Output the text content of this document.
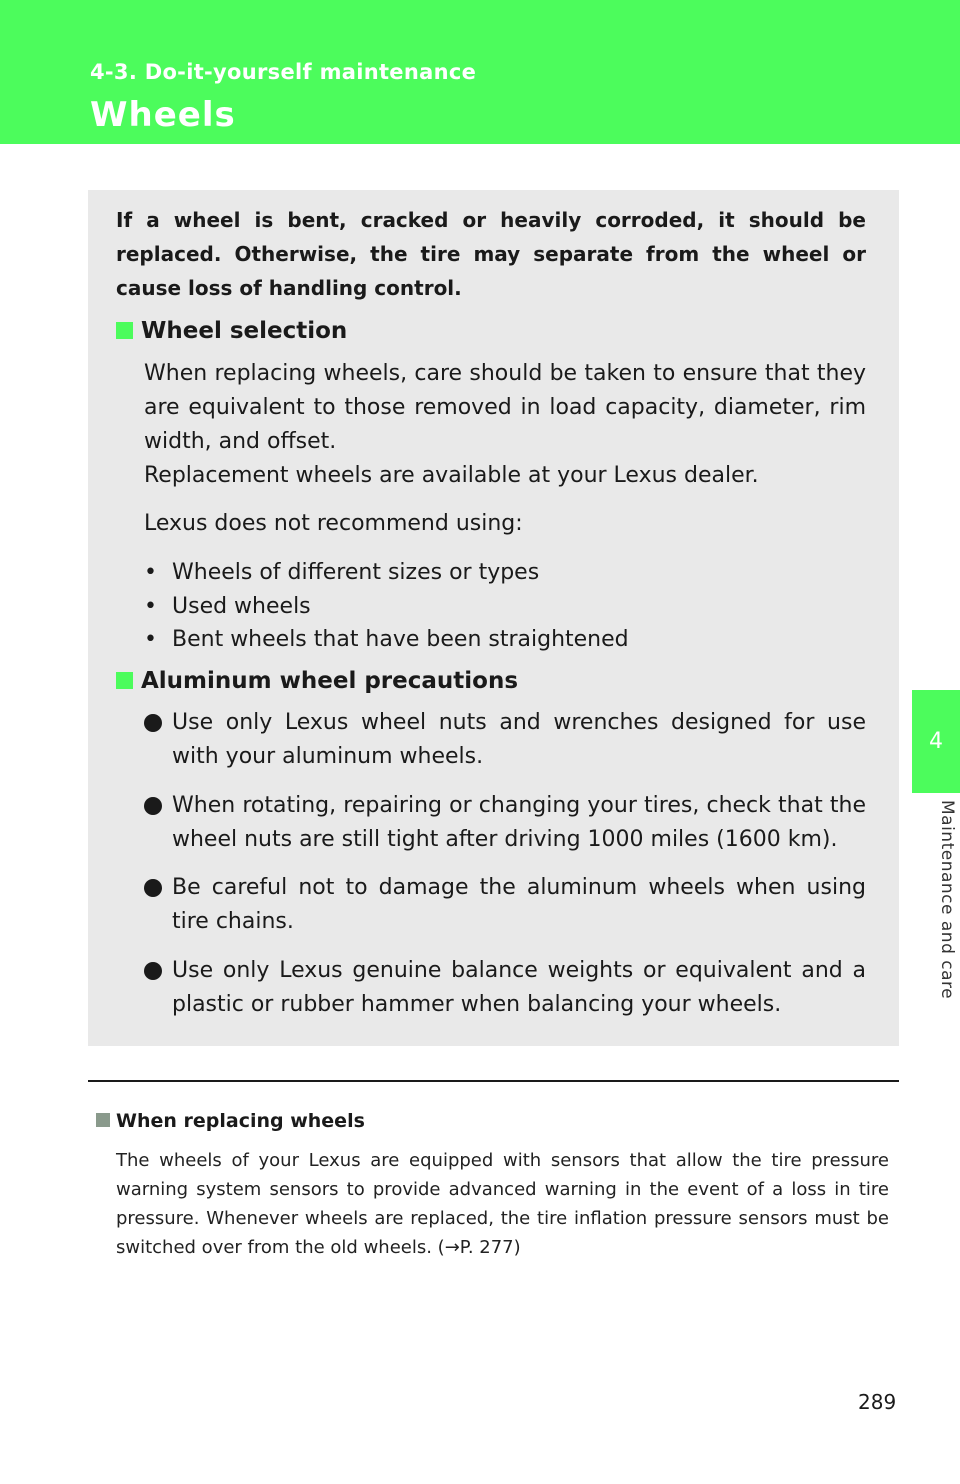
4-3. Do-it-yourself maintenance
Wheels
4
Maintenance and care
If a wheel is bent, cracked or heavily corroded, it should be replaced. Otherwise, the tire may separate from the wheel or cause loss of handling control.
Wheel selection
When replacing wheels, care should be taken to ensure that they are equivalent to those removed in load capacity, diameter, rim width, and offset.
Replacement wheels are available at your Lexus dealer.
Lexus does not recommend using:
• Wheels of different sizes or types
• Used wheels
• Bent wheels that have been straightened
Aluminum wheel precautions
Use only Lexus wheel nuts and wrenches designed for use with your aluminum wheels.
When rotating, repairing or changing your tires, check that the wheel nuts are still tight after driving 1000 miles (1600 km).
Be careful not to damage the aluminum wheels when using tire chains.
Use only Lexus genuine balance weights or equivalent and a plastic or rubber hammer when balancing your wheels.
When replacing wheels
The wheels of your Lexus are equipped with sensors that allow the tire pressure warning system sensors to provide advanced warning in the event of a loss in tire pressure. Whenever wheels are replaced, the tire inflation pressure sensors must be switched over from the old wheels. (→P. 277)
289
